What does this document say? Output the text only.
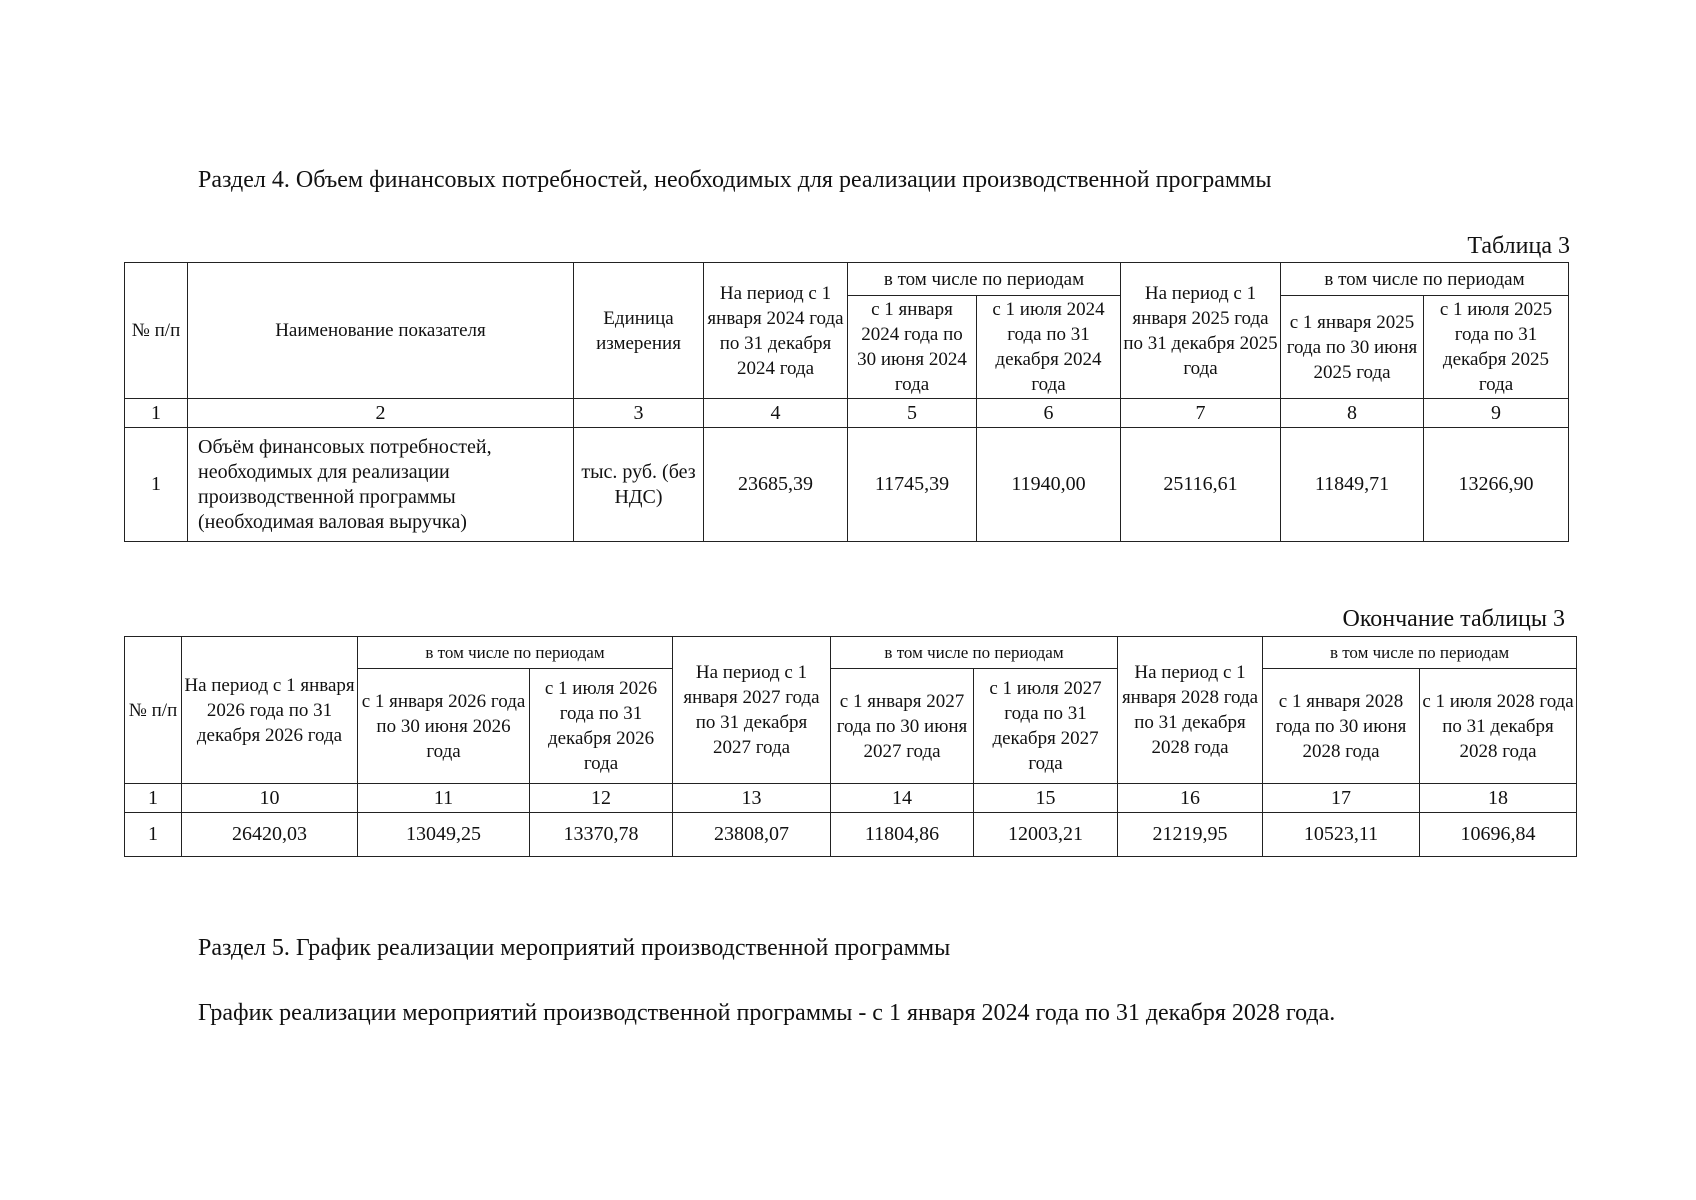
Раздел 4. Объем финансовых потребностей, необходимых для реализации производственной программы
Таблица 3
№ п/п	Наименование показателя	Единица измерения	На период с 1 января 2024 года по 31 декабря 2024 года	в том числе по периодам		На период с 1 января 2025 года по 31 декабря 2025 года	в том числе по периодам	
				с 1 января 2024 года по 30 июня 2024 года	с 1 июля 2024 года по 31 декабря 2024 года		с 1 января 2025 года по 30 июня 2025 года	с 1 июля 2025 года по 31 декабря 2025 года
1	2	3	4	5	6	7	8	9
1	Объём финансовых потребностей, необходимых для реализации производственной программы (необходимая валовая выручка)	тыс. руб. (без НДС)	23685,39	11745,39	11940,00	25116,61	11849,71	13266,90
Окончание таблицы 3
№ п/п	На период с 1 января 2026 года по 31 декабря 2026 года	в том числе по периодам		На период с 1 января 2027 года по 31 декабря 2027 года	в том числе по периодам		На период с 1 января 2028 года по 31 декабря 2028 года	в том числе по периодам	
		с 1 января 2026 года по 30 июня 2026 года	с 1 июля 2026 года по 31 декабря 2026 года		с 1 января 2027 года по 30 июня 2027 года	с 1 июля 2027 года по 31 декабря 2027 года		с 1 января 2028 года по 30 июня 2028 года	с 1 июля 2028 года по 31 декабря 2028 года
1	10	11	12	13	14	15	16	17	18
1	26420,03	13049,25	13370,78	23808,07	11804,86	12003,21	21219,95	10523,11	10696,84
Раздел 5. График реализации мероприятий производственной программы
График реализации мероприятий производственной программы - с 1 января 2024 года по 31 декабря 2028 года.
